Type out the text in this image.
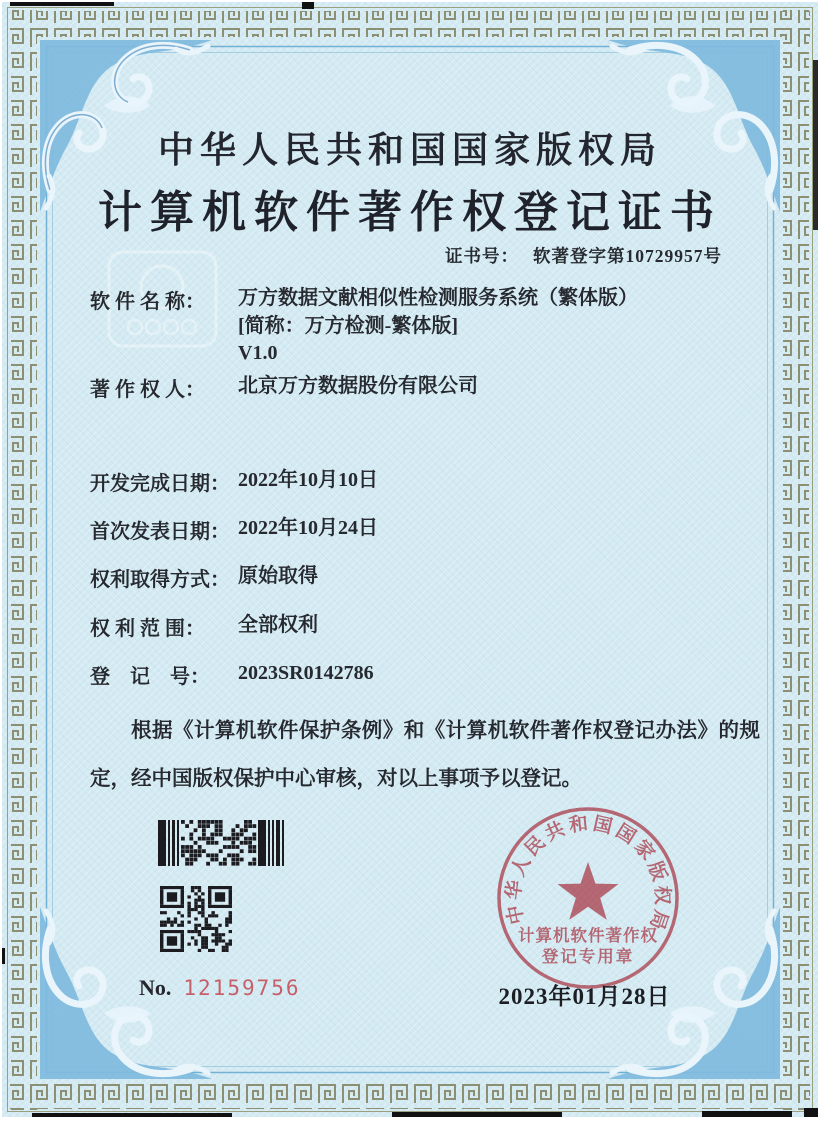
中华人民共和国国家版权局
计算机软件著作权登记证书
证书号： 软著登字第10729957号
软 件 名 称：	万方数据文献相似性检测服务系统（繁体版）
[简称：万方检测-繁体版]
V1.0
著 作 权 人：	北京万方数据股份有限公司
开发完成日期： 2022年10月10日
首次发表日期： 2022年10月24日
权利取得方式： 原始取得
权 利 范 围：	全部权利
登　记　号：	2023SR0142786
根据《计算机软件保护条例》和《计算机软件著作权登记办法》的规定，经中国版权保护中心审核，对以上事项予以登记。
No. 12159756
中华人民共和国国家版权局
计算机软件著作权
登记专用章
2023年01月28日
